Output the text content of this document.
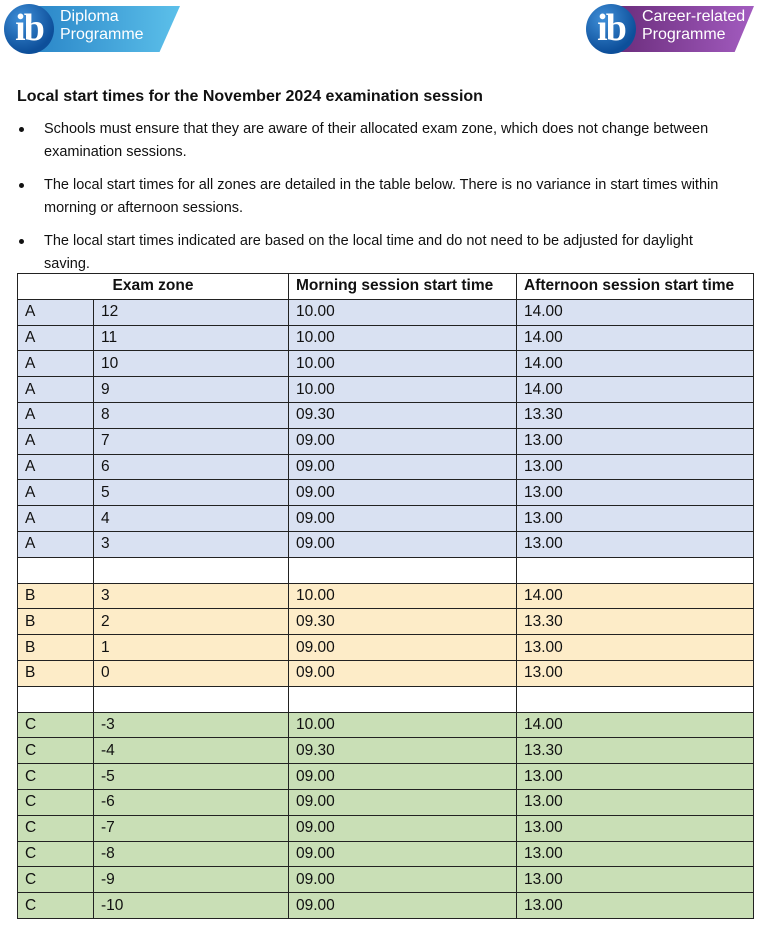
ib	Diploma
Programme	ib	Career-related
Programme
Local start times for the November 2024 examination session
Schools must ensure that they are aware of their allocated exam zone, which does not change between
examination sessions.
The local start times for all zones are detailed in the table below. There is no variance in start times within
morning or afternoon sessions.
The local start times indicated are based on the local time and do not need to be adjusted for daylight
saving.
Exam zone		Morning session start time	Afternoon session start time
A	12	10.00	14.00
A	11	10.00	14.00
A	10	10.00	14.00
A	9	10.00	14.00
A	8	09.30	13.30
A	7	09.00	13.00
A	6	09.00	13.00
A	5	09.00	13.00
A	4	09.00	13.00
A	3	09.00	13.00

B	3	10.00	14.00
B	2	09.30	13.30
B	1	09.00	13.00
B	0	09.00	13.00

C	-3	10.00	14.00
C	-4	09.30	13.30
C	-5	09.00	13.00
C	-6	09.00	13.00
C	-7	09.00	13.00
C	-8	09.00	13.00
C	-9	09.00	13.00
C	-10	09.00	13.00
